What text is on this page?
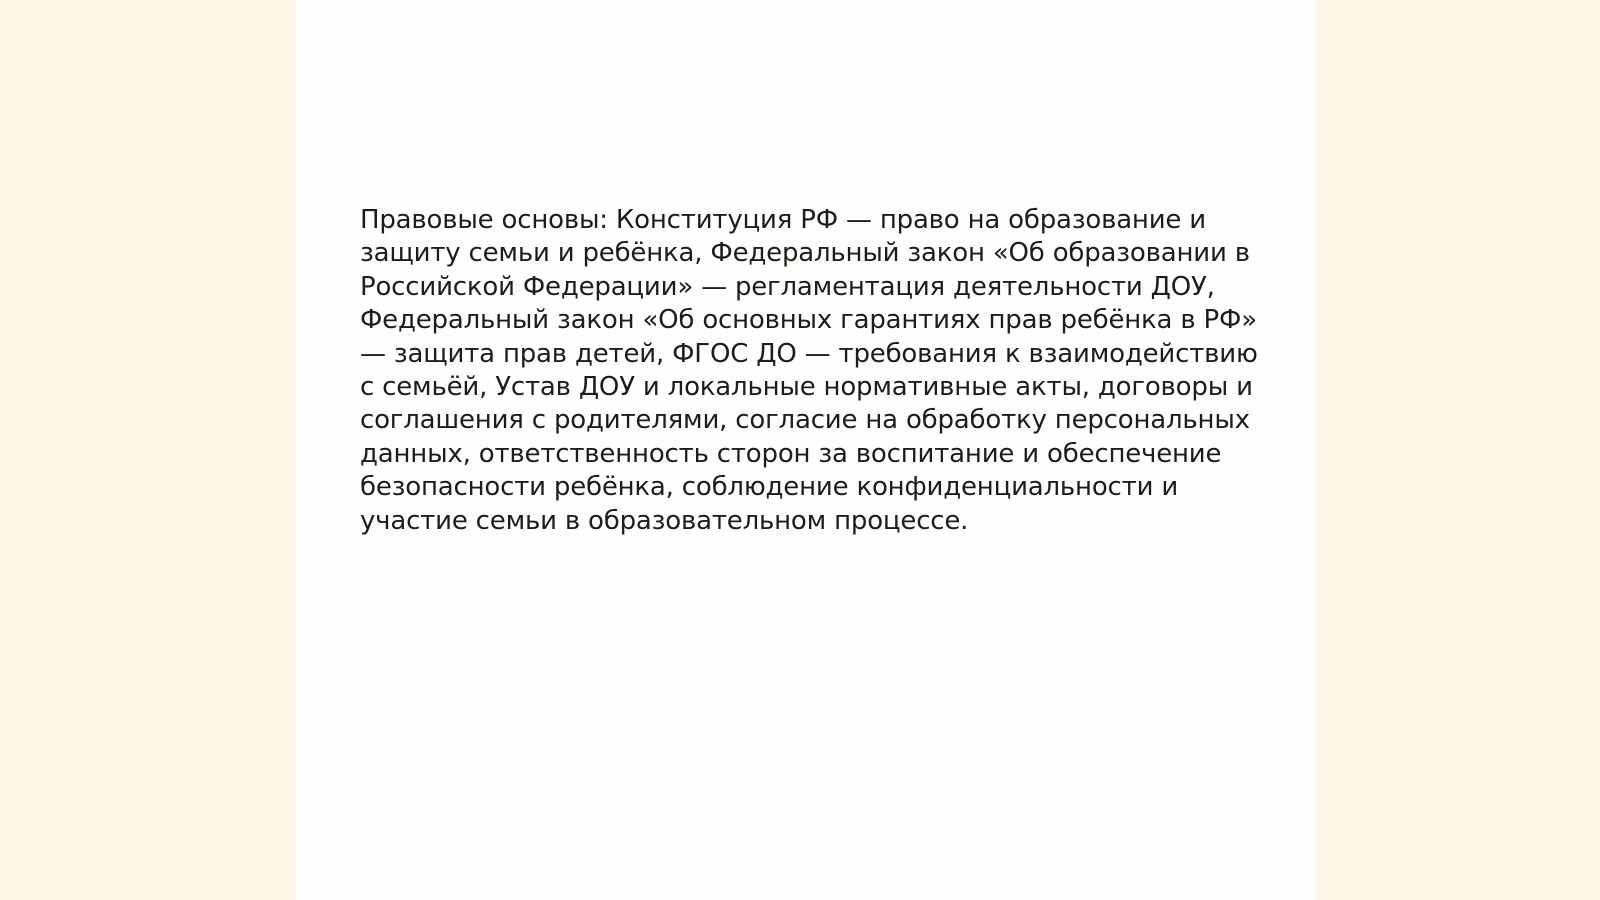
Правовые основы: Конституция РФ — право на образование и защиту семьи и ребёнка, Федеральный закон «Об образовании в Российской Федерации» — регламентация деятельности ДОУ, Федеральный закон «Об основных гарантиях прав ребёнка в РФ» — защита прав детей, ФГОС ДО — требования к взаимодействию с семьёй, Устав ДОУ и локальные нормативные акты, договоры и соглашения с родителями, согласие на обработку персональных данных, ответственность сторон за воспитание и обеспечение безопасности ребёнка, соблюдение конфиденциальности и участие семьи в образовательном процессе.
